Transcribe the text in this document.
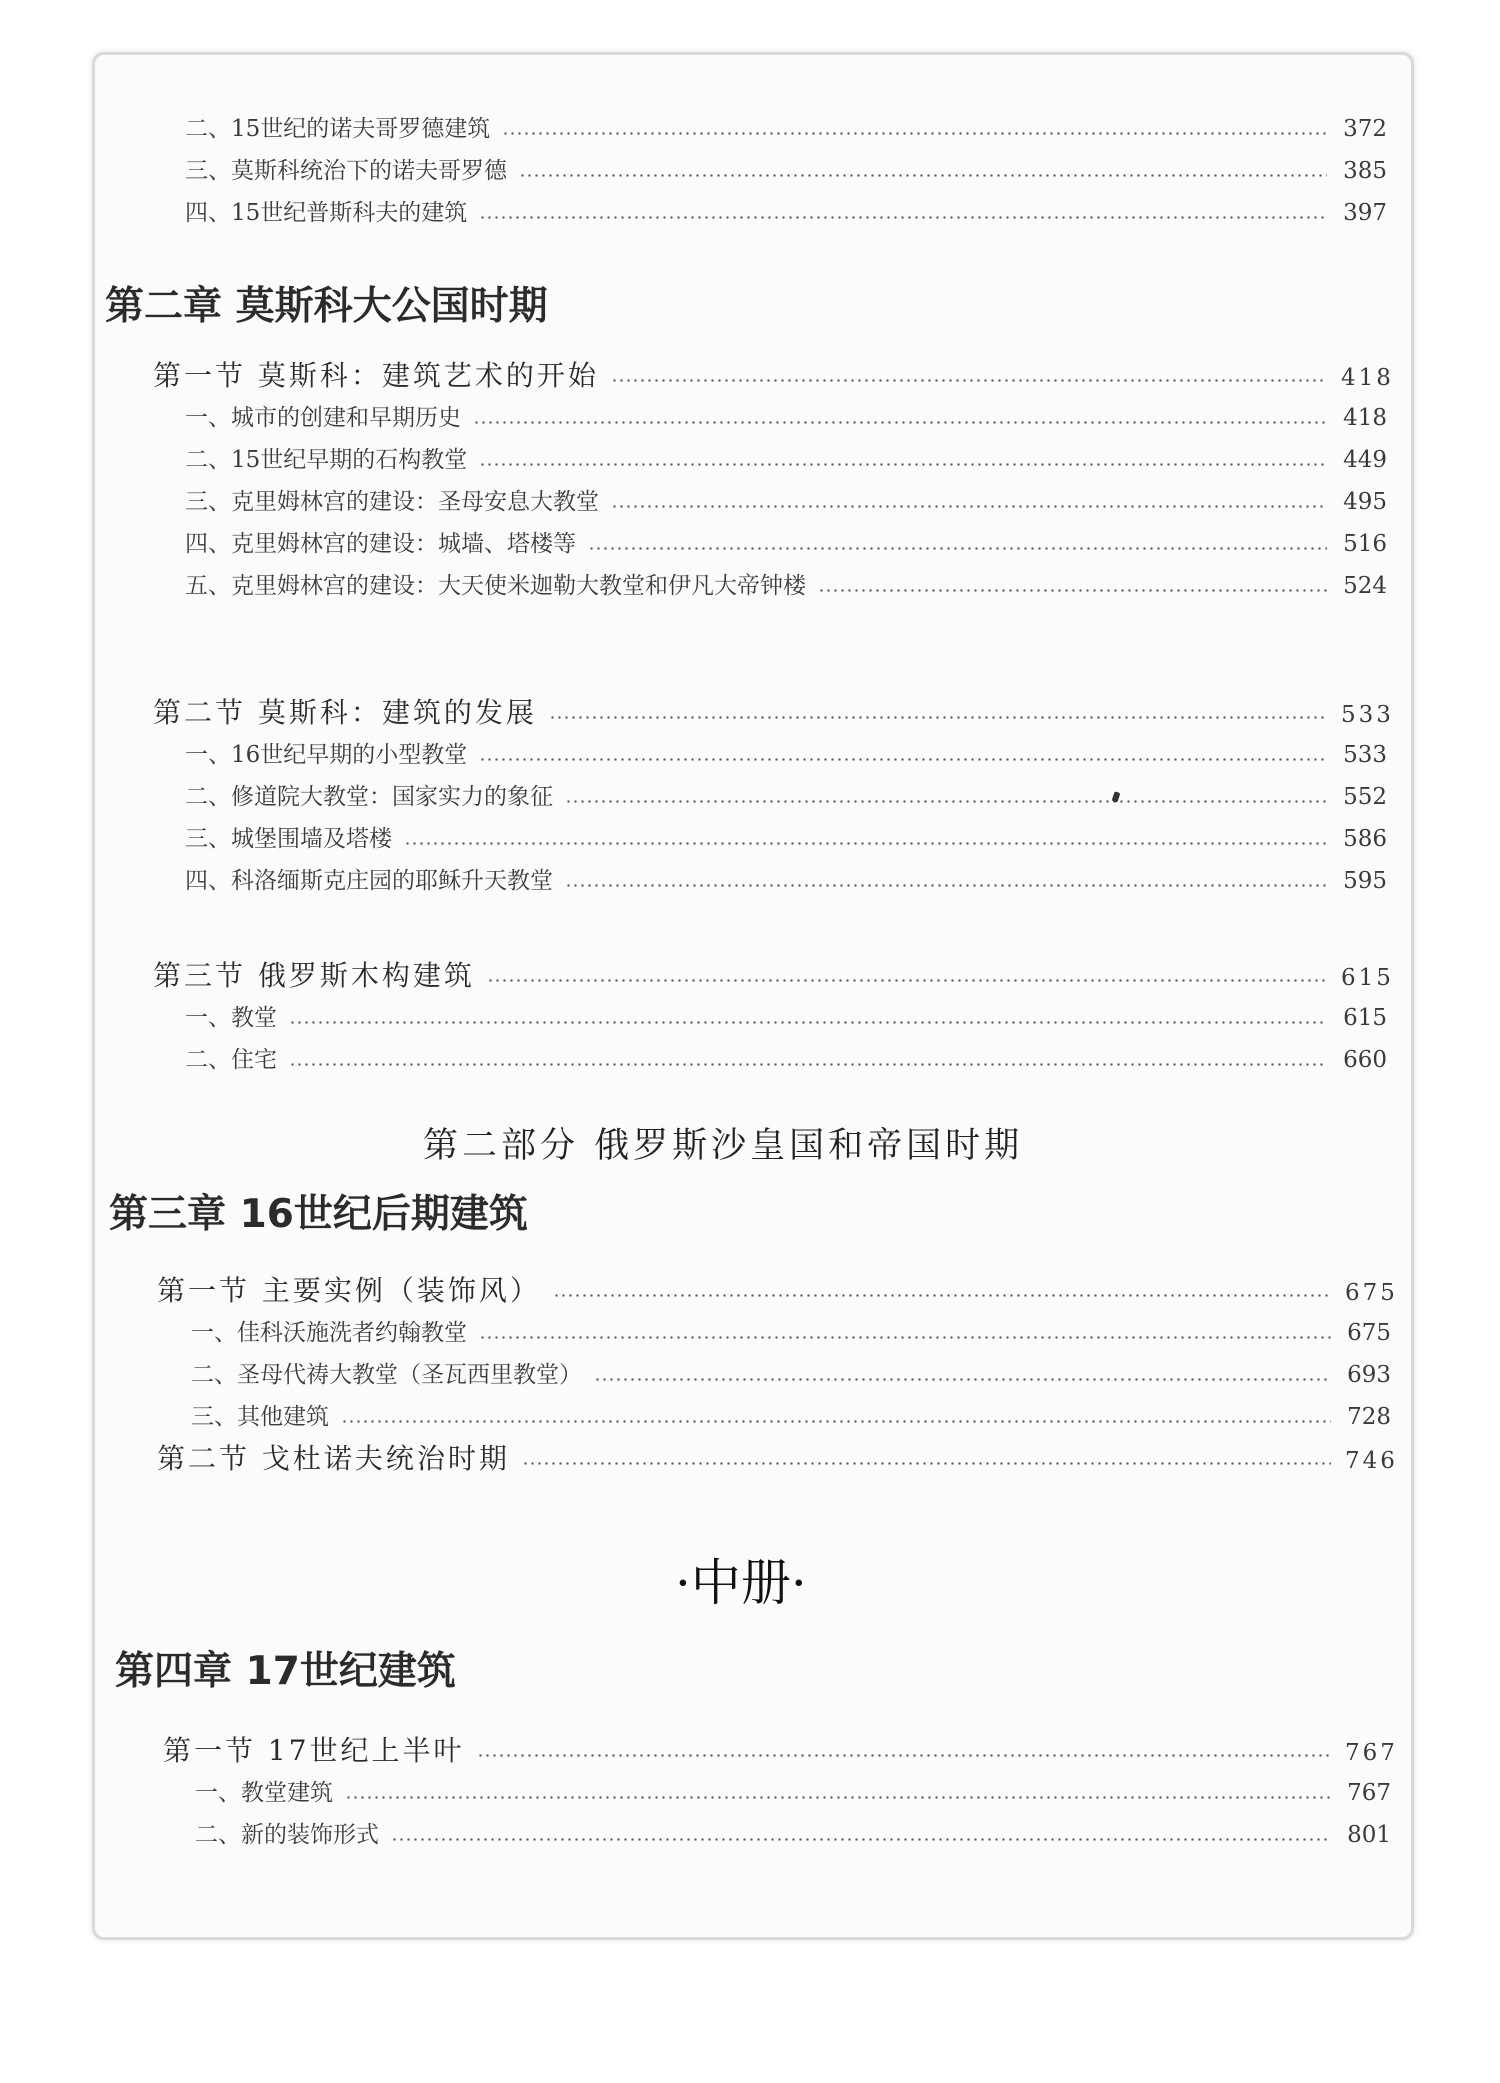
二、15世纪的诺夫哥罗德建筑	372
三、莫斯科统治下的诺夫哥罗德	385
四、15世纪普斯科夫的建筑	397
第二章 莫斯科大公国时期
第一节 莫斯科：建筑艺术的开始	418
一、城市的创建和早期历史	418
二、15世纪早期的石构教堂	449
三、克里姆林宫的建设：圣母安息大教堂	495
四、克里姆林宫的建设：城墙、塔楼等	516
五、克里姆林宫的建设：大天使米迦勒大教堂和伊凡大帝钟楼	524
第二节 莫斯科：建筑的发展	533
一、16世纪早期的小型教堂	533
二、修道院大教堂：国家实力的象征	552
三、城堡围墙及塔楼	586
四、科洛缅斯克庄园的耶稣升天教堂	595
第三节 俄罗斯木构建筑	615
一、教堂	615
二、住宅	660
第二部分 俄罗斯沙皇国和帝国时期
第三章 16世纪后期建筑
第一节 主要实例（装饰风）	675
一、佳科沃施洗者约翰教堂	675
二、圣母代祷大教堂（圣瓦西里教堂）	693
三、其他建筑	728
第二节 戈杜诺夫统治时期	746
·中册·
第四章 17世纪建筑
第一节 17世纪上半叶	767
一、教堂建筑	767
二、新的装饰形式	801
